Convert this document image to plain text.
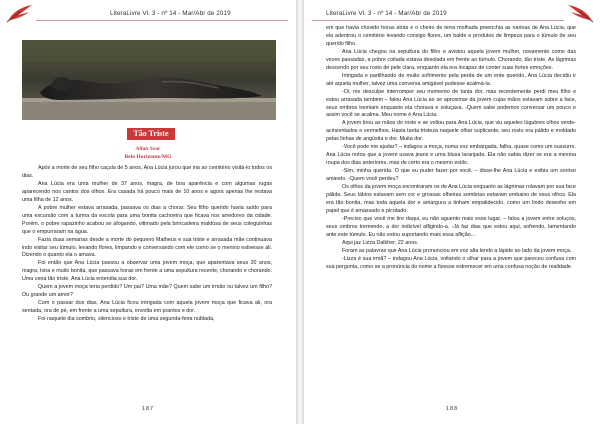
LiteraLivre Vl. 3 - nº 14 - Mar/Abr de 2019
Tão Triste
Allan Sear
Belo Horizonte/MG

Após a morte de seu filho caçula de 5 anos, Ana Lúcia jurou que iria ao cemitério visitá-lo todos os dias.

Ana Lúcia era uma mulher de 37 anos, magra, de boa aparência e com algumas rugas aparecendo nos cantos dos olhos. Era casada há pouco mais de 10 anos e agora apenas lhe restava uma filha de 12 anos.

A pobre mulher estava arrasada, passava os dias a chorar. Seu filho querido havia saído para uma excursão com a turma da escola para uma bonita cachoeira que ficava nos arredores da cidade. Porém, o pobre rapazinho acabou se afogando, vitimado pela brincadeira maldosa de seus coleguinhas que o empurraram na água.

Fazia duas semanas desde a morte do pequeno Matheus e sua triste e arrasada mãe continuava indo visitar seu túmulo, levando flores, limpando e conversando com ele como se o menino estivesse ali. Dizendo o quanto ela o amava.

Foi então que Ana Lúcia passou a observar uma jovem moça, que aparentava seus 20 anos, magra, loira e muito bonita, que passava horas em frente a uma sepultura recente, chorando e chorando. Uma cena tão triste, Ana Lúcia entendia sua dor.

Quem a jovem moça teria perdido? Um pai? Uma mãe? Quem sabe um irmão ou talvez um filho? Ou grande um amor?

Com o passar dos dias, Ana Lúcia ficou intrigada com aquela jovem moça que ficava ali, ora sentada, ora de pé, em frente a uma sepultura, envolta em prantos e dor.

Foi naquele dia sombrio, silencioso e triste de uma segunda-feira nublada,

187
LiteraLivre Vl. 3 - nº 14 - Mar/Abr de 2019

em que havia chovido horas atrás e o cheiro de terra molhada preenchia as narinas de Ana Lúcia, que ela adentrou o cemitério levando consigo flores, um balde e produtos de limpeza para o túmulo de seu querido filho.

Ana Lúcia chegou na sepultura do filho e avistou aquela jovem mulher, novamente como das vezes passadas, a pobre coitada estava desolada em frente ao túmulo. Chorando, tão triste. As lágrimas descendo por seu rosto de pele clara, enquanto ela era incapaz de conter suas fortes emoções.

Intrigada e partilhando de muito sofrimento pela perda de um ente querido, Ana Lúcia decidiu ir até aquela mulher, talvez uma conversa amigável pudesse acalmá-la.

-Oi, me desculpe interromper seu momento de tanta dor, mas recentemente perdi meu filho e estou arrasada também – falou Ana Lúcia ao se aproximar da jovem cujas mãos estavam sobre a face, seus ombros tremiam enquanto ela chorava e soluçava. -Quem sabe podemos conversar um pouco e assim você se acalma. Meu nome é Ana Lúcia.

A jovem tirou as mãos do rosto e se voltou para Ana Lúcia, que viu aqueles lúgubres olhos verde-acinzentados e vermelhos. Havia tanta tristeza naquele olhar suplicante, seu rosto era pálido e moldado pelas linhas de angústia e dor. Muita dor.

-Você pode me ajudar? – indagou a moça, numa voz embargada, falha, quase como um sussurro. Ana Lúcia notou que a jovem usava jeans e uma blusa laranjada. Ela não sabia dizer se era a mesma roupa dos dias anteriores, mas de certo era o mesmo estilo.

-Sim, minha querida. O que eu puder fazer por você. – disse-lhe Ana Lúcia e exibiu um sorriso amarelo. -Quem você perdeu?

Os olhos da jovem moça encontraram os de Ana Lúcia enquanto as lágrimas rolavam por sua face pálida. Seus lábios estavam sem cor e grossas olheiras sombrias estavam embaixo de seus olhos. Ela era tão bonita, mas toda aquela dor e amargura a tinham empalidecido, como um lindo desenho em papel que é amassado e picotado.

-Preciso que você me tire daqui, eu não aguento mais esse lugar. – falou a jovem entre soluços, seus ombros tremendo, a dor indizível afligindo-a. -Já faz dias que estou aqui, sofrendo, lamentando ante este túmulo. Eu não estou suportando mais essa aflição...

Aqui jaz Lizza Dalkher; 22 anos.

Foram as palavras que Ana Lúcia pronunciou em voz alta lendo a lápide ao lado da jovem moça.

-Lizza é sua irmã? – indagou Ana Lúcia, voltando o olhar para a jovem que pareceu confusa com sua pergunta, como se a pronúncia do nome a fizesse estremecer em uma confusa noção de realidade.

188
